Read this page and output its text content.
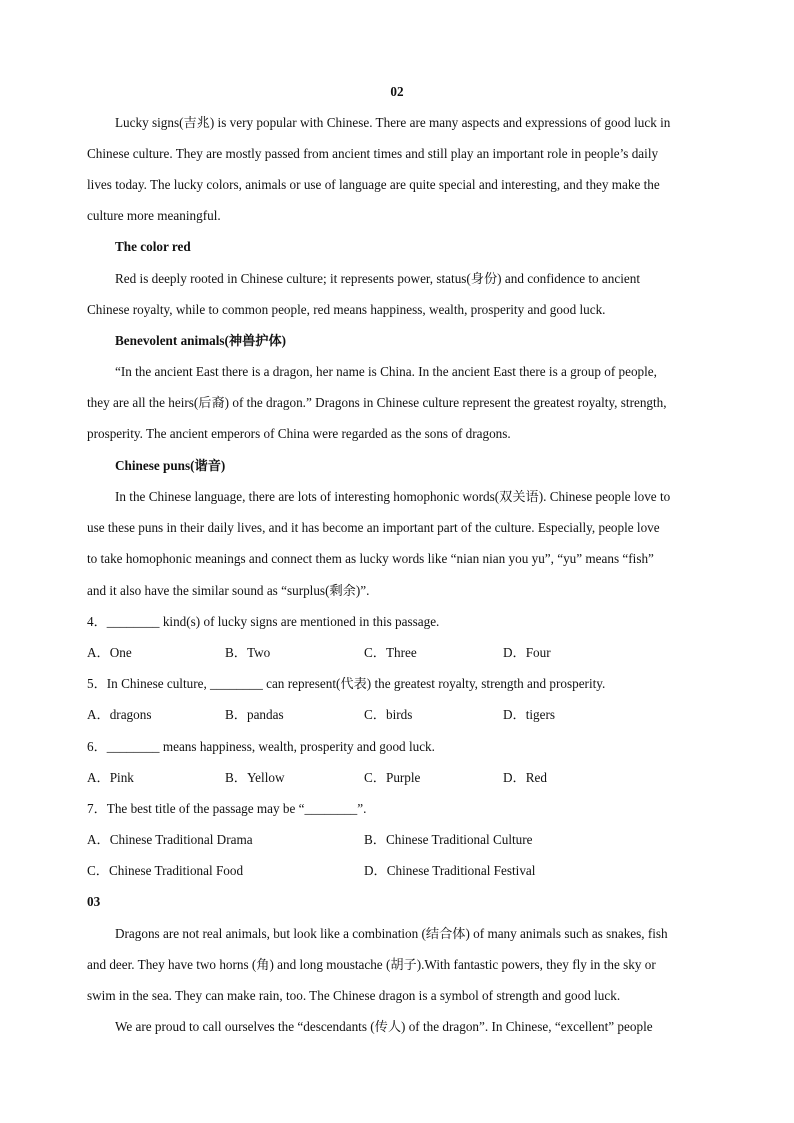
02
Lucky signs(吉兆) is very popular with Chinese. There are many aspects and expressions of good luck in
Chinese culture. They are mostly passed from ancient times and still play an important role in people’s daily
lives today. The lucky colors, animals or use of language are quite special and interesting, and they make the
culture more meaningful.
The color red
Red is deeply rooted in Chinese culture; it represents power, status(身份) and confidence to ancient
Chinese royalty, while to common people, red means happiness, wealth, prosperity and good luck.
Benevolent animals(神兽护体)
“In the ancient East there is a dragon, her name is China. In the ancient East there is a group of people,
they are all the heirs(后裔) of the dragon.” Dragons in Chinese culture represent the greatest royalty, strength,
prosperity. The ancient emperors of China were regarded as the sons of dragons.
Chinese puns(谐音)
In the Chinese language, there are lots of interesting homophonic words(双关语). Chinese people love to
use these puns in their daily lives, and it has become an important part of the culture. Especially, people love
to take homophonic meanings and connect them as lucky words like “nian nian you yu”, “yu” means “fish”
and it also have the similar sound as “surplus(剩余)”.
4．________ kind(s) of lucky signs are mentioned in this passage.
A．One	B．Two	C．Three	D．Four
5．In Chinese culture, ________ can represent(代表) the greatest royalty, strength and prosperity.
A．dragons	B．pandas	C．birds	D．tigers
6．________ means happiness, wealth, prosperity and good luck.
A．Pink	B．Yellow	C．Purple	D．Red
7．The best title of the passage may be “________”.
A．Chinese Traditional Drama	B．Chinese Traditional Culture
C．Chinese Traditional Food	D．Chinese Traditional Festival
03
Dragons are not real animals, but look like a combination (结合体) of many animals such as snakes, fish
and deer. They have two horns (角) and long moustache (胡子).With fantastic powers, they fly in the sky or
swim in the sea. They can make rain, too. The Chinese dragon is a symbol of strength and good luck.
We are proud to call ourselves the “descendants (传人) of the dragon”. In Chinese, “excellent” people
